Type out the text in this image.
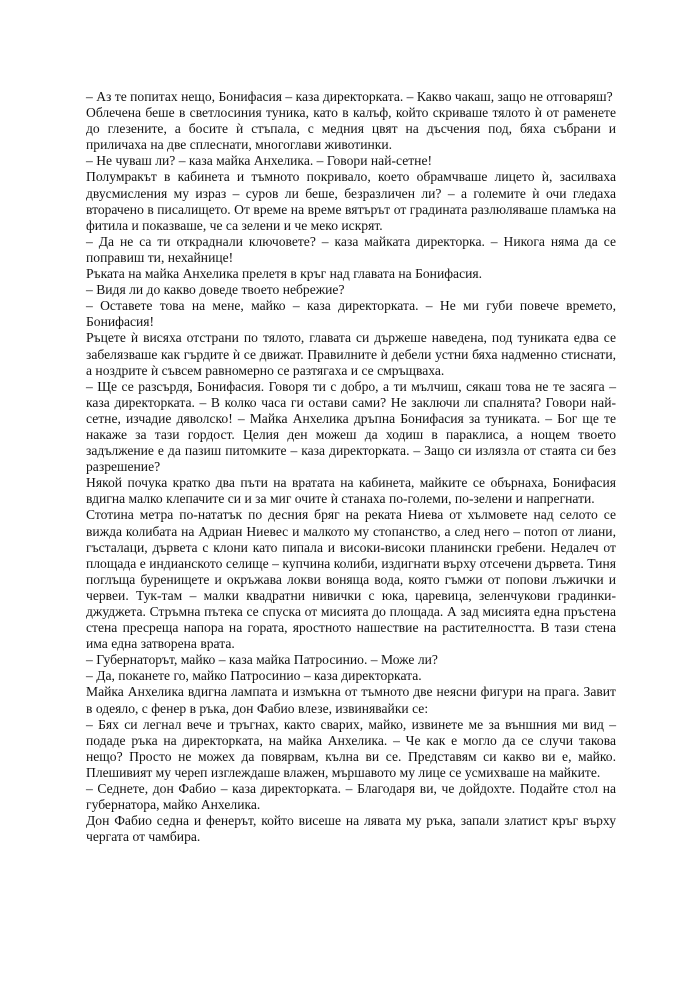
– Аз те попитах нещо, Бонифасия – каза директорката. – Какво чакаш, защо не отговаряш?

Облечена беше в светлосиния туника, като в калъф, който скриваше тялото ѝ от раменете до глезените, а босите ѝ стъпала, с медния цвят на дъсчения под, бяха събрани и приличаха на две сплеснати, многоглави животинки.

– Не чуваш ли? – каза майка Анхелика. – Говори най-сетне!

Полумракът в кабинета и тъмното покривало, което обрамчваше лицето ѝ, засилваха двусмисления му израз – суров ли беше, безразличен ли? – а големите ѝ очи гледаха вторачено в писалището. От време на време вятърът от градината разлюляваше пламъка на фитила и показваше, че са зелени и че меко искрят.

– Да не са ти откраднали ключовете? – каза майката директорка. – Никога няма да се поправиш ти, нехайнице!

Ръката на майка Анхелика прелетя в кръг над главата на Бонифасия.

– Видя ли до какво доведе твоето небрежие?

– Оставете това на мене, майко – каза директорката. – Не ми губи повече времето, Бонифасия!

Ръцете ѝ висяха отстрани по тялото, главата си държеше наведена, под туниката едва се забелязваше как гърдите ѝ се движат. Правилните ѝ дебели устни бяха надменно стиснати, а ноздрите ѝ съвсем равномерно се разтягаха и се смръщваха.

– Ще се разсърдя, Бонифасия. Говоря ти с добро, а ти мълчиш, сякаш това не те засяга – каза директорката. – В колко часа ги остави сами? Не заключи ли спалнята? Говори най-сетне, изчадие дяволско! – Майка Анхелика дръпна Бонифасия за туниката. – Бог ще те накаже за тази гордост. Целия ден можеш да ходиш в параклиса, а нощем твоето задължение е да пазиш питомките – каза директорката. – Защо си излязла от стаята си без разрешение?

Някой почука кратко два пъти на вратата на кабинета, майките се обърнаха, Бонифасия вдигна малко клепачите си и за миг очите ѝ станаха по-големи, по-зелени и напрегнати.

Стотина метра по-нататък по десния бряг на реката Ниева от хълмовете над селото се вижда колибата на Адриан Ниевес и малкото му стопанство, а след него – потоп от лиани, гъсталаци, дърветa с клони като пипала и високи-високи планински гребени. Недалеч от площада е индианското селище – купчина колиби, издигнати върху отсечени дървета. Тиня поглъща буренищете и окръжава локви воняща вода, която гъмжи от попови лъжички и червеи. Тук-там – малки квадратни нивички с юка, царевица, зеленчукови градинки-джуджета. Стръмна пътека се спуска от мисията до площада. А зад мисията една пръстена стена пресреща напора на гората, яростното нашествие на растителността. В тази стена има една затворена врата.

– Губернаторът, майко – каза майка Патросинио. – Може ли?

– Да, поканете го, майко Патросинио – каза директорката.

Майка Анхелика вдигна лампата и измъкна от тъмното две неясни фигури на прага. Завит в одеяло, с фенер в ръка, дон Фабио влезе, извинявайки се:

– Бях си легнал вече и тръгнах, както сварих, майко, извинете ме за външния ми вид – подаде ръка на директорката, на майка Анхелика. – Че как е могло да се случи такова нещо? Просто не можех да повярвам, кълна ви се. Представям си какво ви е, майко. Плешивият му череп изглеждаше влажен, мършавото му лице се усмихваше на майките.

– Седнете, дон Фабио – каза директорката. – Благодаря ви, че дойдохте. Подайте стол на губернатора, майко Анхелика.

Дон Фабио седна и фенерът, който висеше на лявата му ръка, запали златист кръг върху чергата от чамбира.
